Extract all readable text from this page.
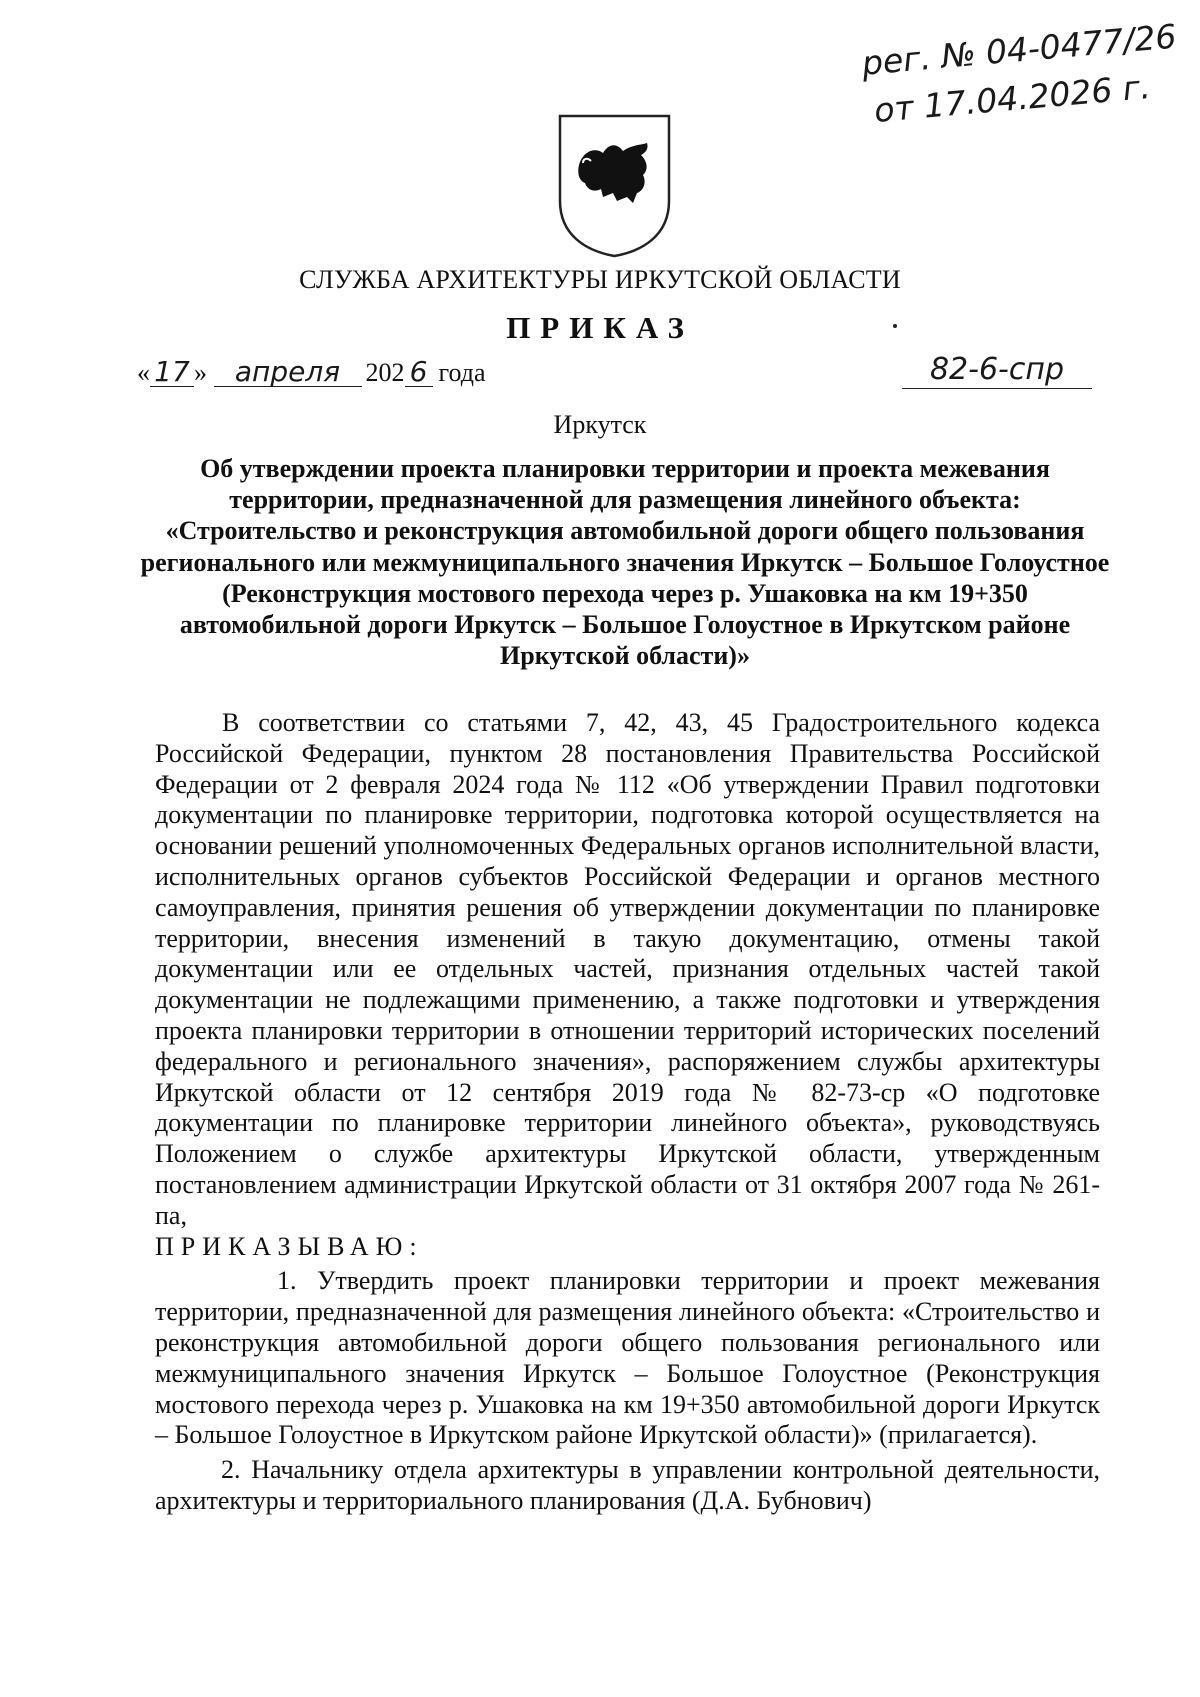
рег. № 04-0477/26
от 17.04.2026 г.
СЛУЖБА АРХИТЕКТУРЫ ИРКУТСКОЙ ОБЛАСТИ
ПРИКАЗ
« 17 » апреля 202 6 года	82-6-спр
Иркутск

Об утверждении проекта планировки территории и проекта межевания территории, предназначенной для размещения линейного объекта: «Строительство и реконструкция автомобильной дороги общего пользования регионального или межмуниципального значения Иркутск – Большое Голоустное (Реконструкция мостового перехода через р. Ушаковка на км 19+350 автомобильной дороги Иркутск – Большое Голоустное в Иркутском районе Иркутской области)»

В соответствии со статьями 7, 42, 43, 45 Градостроительного кодекса Российской Федерации, пунктом 28 постановления Правительства Российской Федерации от 2 февраля 2024 года № 112 «Об утверждении Правил подготовки документации по планировке территории, подготовка которой осуществляется на основании решений уполномоченных Федеральных органов исполнительной власти, исполнительных органов субъектов Российской Федерации и органов местного самоуправления, принятия решения об утверждении документации по планировке территории, внесения изменений в такую документацию, отмены такой документации или ее отдельных частей, признания отдельных частей такой документации не подлежащими применению, а также подготовки и утверждения проекта планировки территории в отношении территорий исторических поселений федерального и регионального значения», распоряжением службы архитектуры Иркутской области от 12 сентября 2019 года № 82-73-ср «О подготовке документации по планировке территории линейного объекта», руководствуясь Положением о службе архитектуры Иркутской области, утвержденным постановлением администрации Иркутской области от 31 октября 2007 года № 261-па,

ПРИКАЗЫВАЮ:

1. Утвердить проект планировки территории и проект межевания территории, предназначенной для размещения линейного объекта: «Строительство и реконструкция автомобильной дороги общего пользования регионального или межмуниципального значения Иркутск – Большое Голоустное (Реконструкция мостового перехода через р. Ушаковка на км 19+350 автомобильной дороги Иркутск – Большое Голоустное в Иркутском районе Иркутской области)» (прилагается).

2. Начальнику отдела архитектуры в управлении контрольной деятельности, архитектуры и территориального планирования (Д.А. Бубнович)
